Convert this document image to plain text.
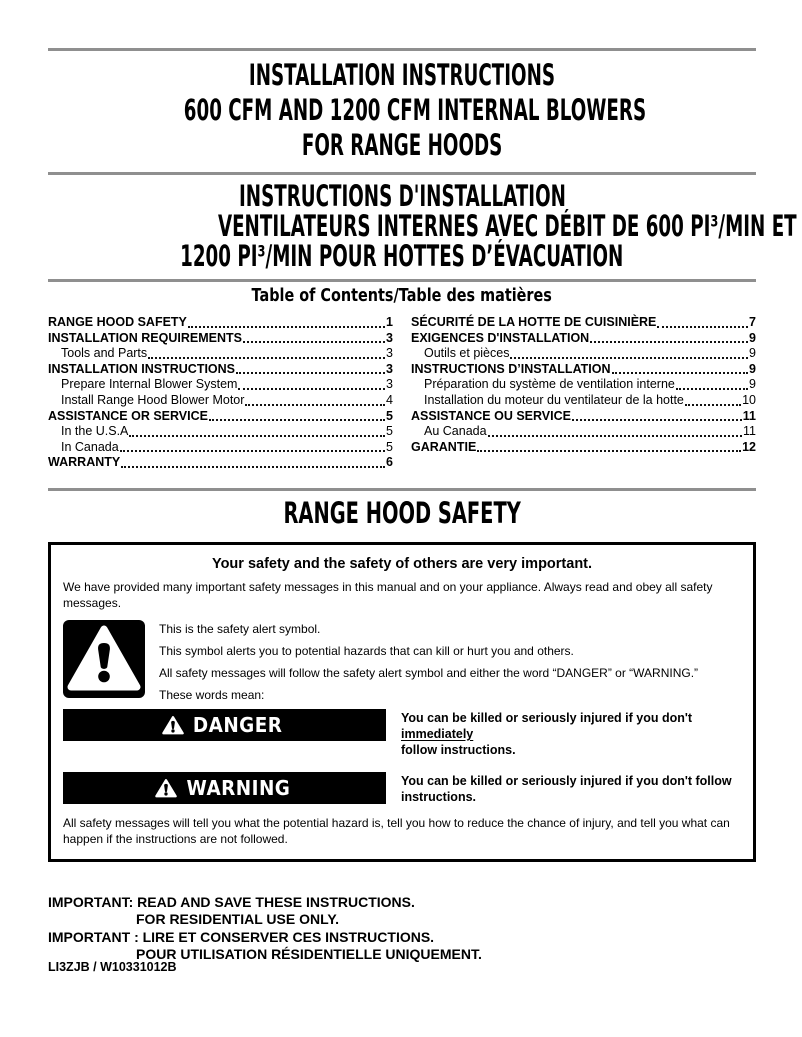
INSTALLATION INSTRUCTIONS
600 CFM AND 1200 CFM INTERNAL BLOWERS
FOR RANGE HOODS
INSTRUCTIONS D'INSTALLATION
VENTILATEURS INTERNES AVEC DÉBIT DE 600 PI³/MIN ET
1200 PI³/MIN POUR HOTTES D’ÉVACUATION
Table of Contents/Table des matières
RANGE HOOD SAFETY	1
INSTALLATION REQUIREMENTS	3
Tools and Parts	3
INSTALLATION INSTRUCTIONS	3
Prepare Internal Blower System	3
Install Range Hood Blower Motor	4
ASSISTANCE OR SERVICE	5
In the U.S.A	5
In Canada	5
WARRANTY	6
SÉCURITÉ DE LA HOTTE DE CUISINIÈRE	7
EXIGENCES D'INSTALLATION	9
Outils et pièces	9
INSTRUCTIONS D’INSTALLATION	9
Préparation du système de ventilation interne	9
Installation du moteur du ventilateur de la hotte	10
ASSISTANCE OU SERVICE	11
Au Canada	11
GARANTIE	12
RANGE HOOD SAFETY
Your safety and the safety of others are very important.
We have provided many important safety messages in this manual and on your appliance. Always read and obey all safety messages.
This is the safety alert symbol.
This symbol alerts you to potential hazards that can kill or hurt you and others.
All safety messages will follow the safety alert symbol and either the word “DANGER” or “WARNING.”
These words mean:
DANGER	You can be killed or seriously injured if you don't immediately
follow instructions.
WARNING	You can be killed or seriously injured if you don't follow
instructions.
All safety messages will tell you what the potential hazard is, tell you how to reduce the chance of injury, and tell you what can happen if the instructions are not followed.
IMPORTANT: READ AND SAVE THESE INSTRUCTIONS.
FOR RESIDENTIAL USE ONLY.
IMPORTANT : LIRE ET CONSERVER CES INSTRUCTIONS.
POUR UTILISATION RÉSIDENTIELLE UNIQUEMENT.
LI3ZJB / W10331012B
